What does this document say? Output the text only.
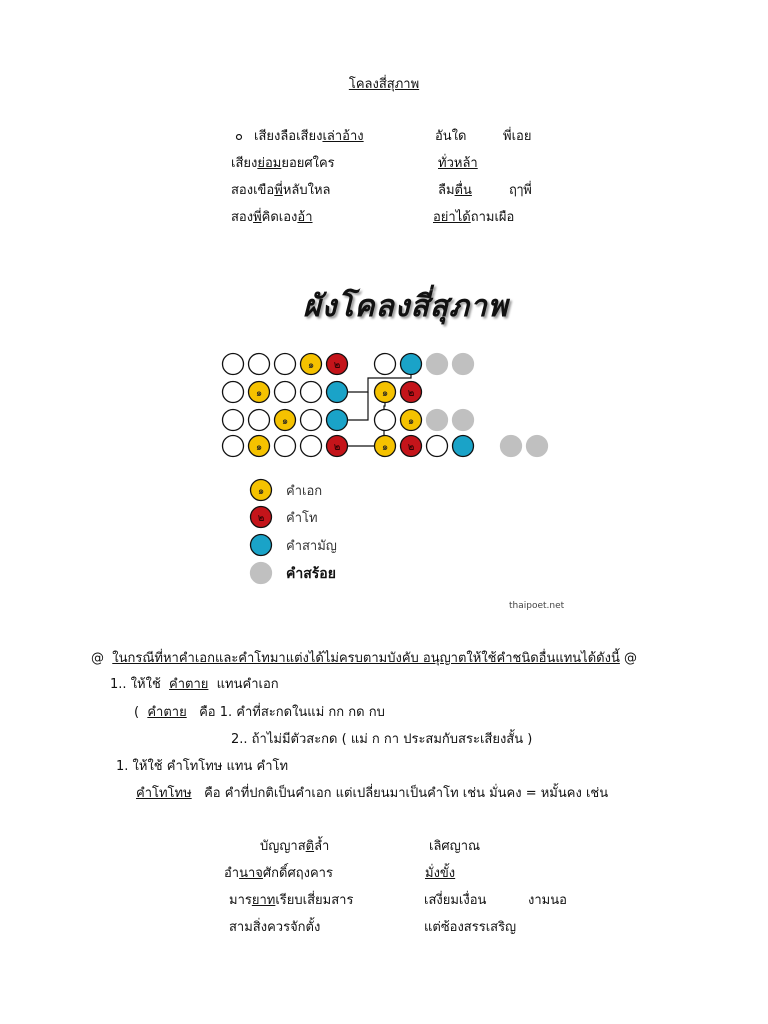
โคลงสี่สุภาพ
๐ เสียงลือเสียงเล่าอ้าง	อันใด	พี่เอย
เสียงย่อมยอยศใคร	ทั่วหล้า
สองเขือพี่หลับใหล	ลืมตื่น	ฤๅพี่
สองพี่คิดเองอ้า	อย่าได้ถามเผือ
ผังโคลงสี่สุภาพ
๑ ๒
๑	๑ ๒
๑	๑
๑	๒	๑ ๒
๑ คำเอก
๒ คำโท
คำสามัญ
คำสร้อย
thaipoet.net
@ ในกรณีที่หาคำเอกและคำโทมาแต่งได้ไม่ครบตามบังคับ อนุญาตให้ใช้คำชนิดอื่นแทนได้ดังนี้ @
1.. ให้ใช้ คำตาย แทนคำเอก
( คำตาย คือ 1. คำที่สะกดในแม่ กก กด กบ
2.. ถ้าไม่มีตัวสะกด ( แม่ ก กา ประสมกับสระเสียงสั้น )
1. ให้ใช้ คำโทโทษ แทน คำโท
คำโทโทษ คือ คำที่ปกติเป็นคำเอก แต่เปลี่ยนมาเป็นคำโท เช่น มั่นคง = หมั้นคง เช่น
บัญญาสติล้ำ	เลิศญาณ
อำนาจศักดิ์ศฤงคาร	มั่งขั้ง
มารยาทเรียบเสี่ยมสาร	เสงี่ยมเงื่อน	งามนอ
สามสิ่งควรจักตั้ง	แต่ซ้องสรรเสริญ
